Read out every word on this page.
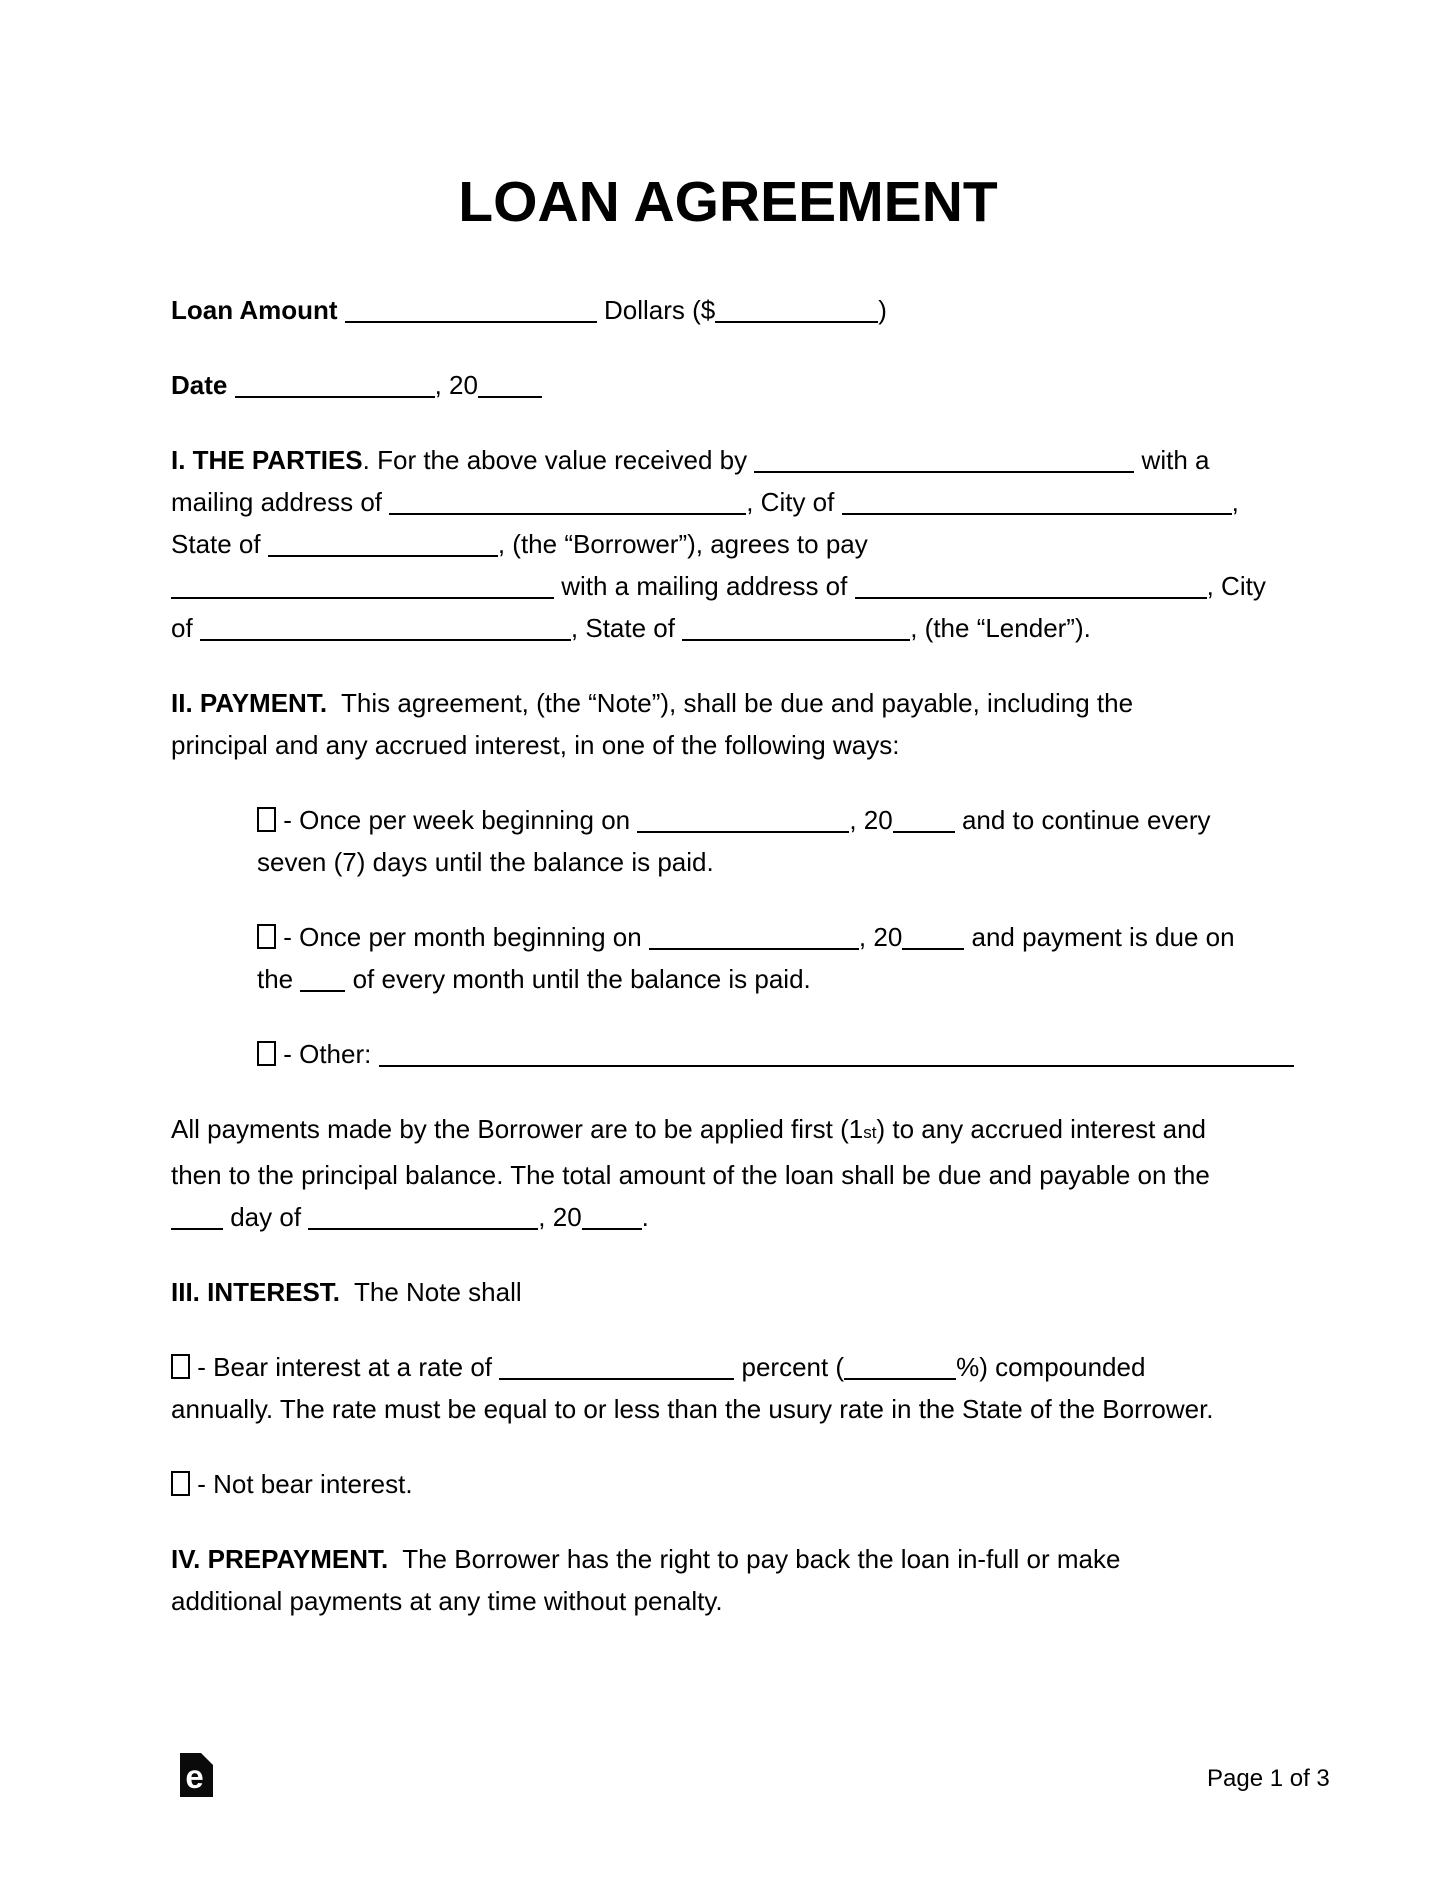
LOAN AGREEMENT
Loan Amount	Dollars ($	)
Date	, 20
I. THE PARTIES. For the above value received by	with a
mailing address of	, City of	,
State of	, (the “Borrower”), agrees to pay
with a mailing address of	, City
of	, State of	, (the “Lender”).
II. PAYMENT.  This agreement, (the “Note”), shall be due and payable, including the
principal and any accrued interest, in one of the following ways:
- Once per week beginning on	, 20 and to continue every
seven (7) days until the balance is paid.
- Once per month beginning on	, 20 and payment is due on
the  of every month until the balance is paid.
- Other:
All payments made by the Borrower are to be applied first (1st) to any accrued interest and
then to the principal balance. The total amount of the loan shall be due and payable on the
day of	, 20 .
III. INTEREST.  The Note shall
- Bear interest at a rate of	percent (	%) compounded
annually. The rate must be equal to or less than the usury rate in the State of the Borrower.
- Not bear interest.
IV. PREPAYMENT.  The Borrower has the right to pay back the loan in-full or make
additional payments at any time without penalty.
e	Page 1 of 3
